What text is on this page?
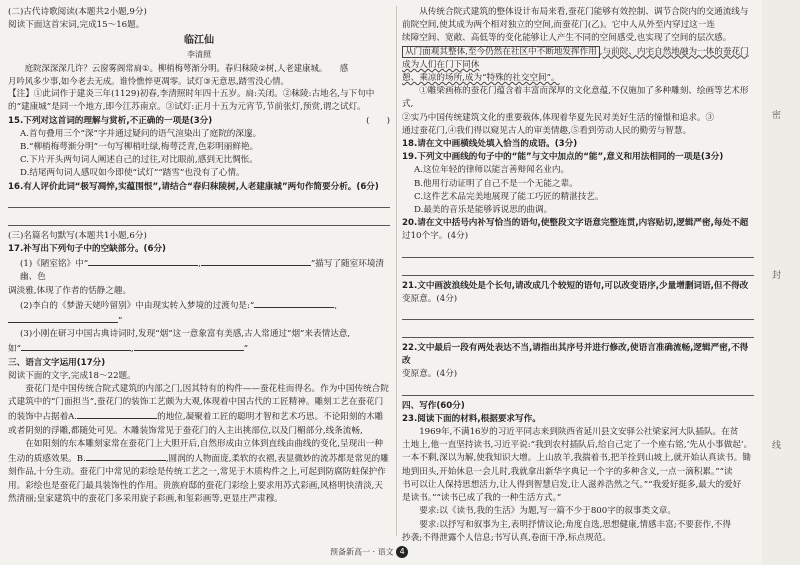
(二)古代诗歌阅读(本题共2小题,9分)

阅读下面这首宋词,完成15～16题。

临江仙

李清照

庭院深深深几许？云窗雾阁常扃①。柳梢梅萼渐分明。春归秣陵②树,人老建康城。　　 感

月吟风多少事,如今老去无成。谁怜憔悴更凋零。试灯③无意思,踏雪没心情。

【注】①此词作于建炎三年(1129)初春,李清照时年四十五岁。扃:关闭。②秣陵:古地名,与下句中的“建康城”是同一个地方,即今江苏南京。③试灯:正月十五为元宵节,节前张灯,预赏,谓之试灯。

15.下列对这首词的理解与赏析,不正确的一项是(3分)	(　　)

A.首句叠用三个“深”字并通过疑问的语气渲染出了庭院的深邃。

B.“柳梢梅萼渐分明”一句写柳梢吐绿,梅萼泛青,色彩明丽鲜艳。

C.下片开头两句词人阐述自己的过往,对比眼前,感到无比惆怅。

D.结尾两句词人感叹如今即使“试灯”“踏雪”也没有了心情。

16.有人评价此词“极写凋悴,实蕴围恨”,请结合“春归秣陵树,人老建康城”两句作简要分析。(6分)

(三)名篇名句默写(本题共1小题,6分)

17.补写出下列句子中的空缺部分。(6分)

(1)《陋室铭》中“	,	”描写了随室环境清幽、色

调淡雅,体现了作者的恬静之趣。

(2)李白的《梦游天姥吟留别》中由现实转入梦境的过渡句是:“	,

”

(3)小刚在研习中国古典诗词时,发现“烟”这一意象富有美感,古人常通过“烟”来表情达意,

如“	,	”

三、语言文字运用(17分)

阅读下面的文字,完成18～22题。

蚕花门是中国传统合院式建筑的内部之门,因其特有的构件——蚕花柱而得名。作为中国传统合院式建筑中的“门面担当”,蚕花门的装饰工艺颇为大观,体现着中国古代的工匠精神。雕刻工艺在蚕花门的装饰中占据着A.	的地位,凝聚着工匠的聪明才智和艺术巧思。不论阳刻的木雕或者阴刻的浮雕,都随处可见。木雕装饰常见于蚕花门的入主出挑部位,以及门楣部分,线条流畅,

在如阳刻的东本雕刻家常在蚕花门上大胆开后,自然形成由立体到直线由曲线的变化,呈现出一种生动的质感效果。B.	,圆润的人物面庞,柔软的衣褶,表显微妙的流苏都是常见的雕刻作品,十分生动。蚕花门中常见的彩绘是传统工艺之一,常见于木质构件之上,可起到防腐防蛀保护作用。彩绘也是蚕花门最具装饰性的作用。贵族府邸的蚕花门彩绘上要求用苏式彩画,风格明快清淡,天然清丽;皇家建筑中的蚕花门多采用旋子彩画,和玺彩画等,更显庄严肃穆。

从传统合院式建筑的整体设计布局来看,蚕花门能够有效控制、调节合院内的交通流线与

前院空间,使其成为两个相对独立的空间,而蚕花门(乙)。它中人从外至内穿过这一连

续障空间、宽敞、高低等的变化能够让人产生不同的空间感受,也实现了空间的层次感。

从门面观其整体,至今仍然在社区中不断地发挥作用 ,与前院、内宅自然地融为一体的蚕花门成为人们在门下同休

憩、乘凉的场所,成为“特殊的社交空间”。

①雕梁画栋的蚕花门蕴含着丰富而深厚的文化意蕴,不仅施加了多种雕刻、绘画等艺术形式,

②实乃中国传统建筑文化的重要载体,体现着华夏先民对美好生活的憧憬和追求。③

通过蚕花门,④我们得以窥见古人的审美情趣,⑤看到劳动人民的勤劳与智慧。

18.请在文中画横线处填入恰当的成语。(3分)

19.下列文中画线的句子中的“能”与文中加点的“能”,意义和用法相同的一项是(3分)

A.这位年轻的律师以能言善辩闻名业内。

B.他用行动证明了自己不是一个无能之辈。

C.这件艺术品完美地展现了能工巧匠的精湛技艺。

D.最美的音乐是能够诉说思的曲调。

20.请在文中括号内补写恰当的语句,使整段文字语意完整连贯,内容贴切,逻辑严密,每处不超

过10个字。(4分)

21.文中画波浪线处是个长句,请改成几个较短的语句,可以改变语序,少量增删词语,但不得改

变原意。(4分)

22.文中最后一段有两处表达不当,请指出其序号并进行修改,使语言准确流畅,逻辑严密,不得改

变原意。(4分)

四、写作(60分)

23.阅读下面的材料,根据要求写作。

1969年,不满16岁的习近平同志来到陕西省延川县文安驿公社梁家河大队插队。在贫

土地上,他一直坚持读书,习近平说:“我到农村插队后,给自己定了一个座右铭,‘先从小事做起’。

一本不剩,深以为解,使我知识大增。上山放羊,我揣着书,把羊拴到山坡上,就开始认真读书。锄

地到田头,开始休息一会儿时,我就拿出新华字典记一个字的多种含义,一点一滴积累。”“读

书可以让人保持思想活力,让人得到智慧启发,让人滋养浩然之气。”“我爱好挺多,最大的爱好

是读书。”“读书已成了我的一种生活方式。”

要求:以《读书,我的生活》为题,写一篇不少于800字的叙事类文章。

要求:以抒写和叙事为主,表明抒情议论;角度自选,思想健康,情感丰富;不要套作,不得

抄袭;不得泄露个人信息;书写认真,卷面干净,标点规范。

密
封
线
预备新高一 · 语文 4
